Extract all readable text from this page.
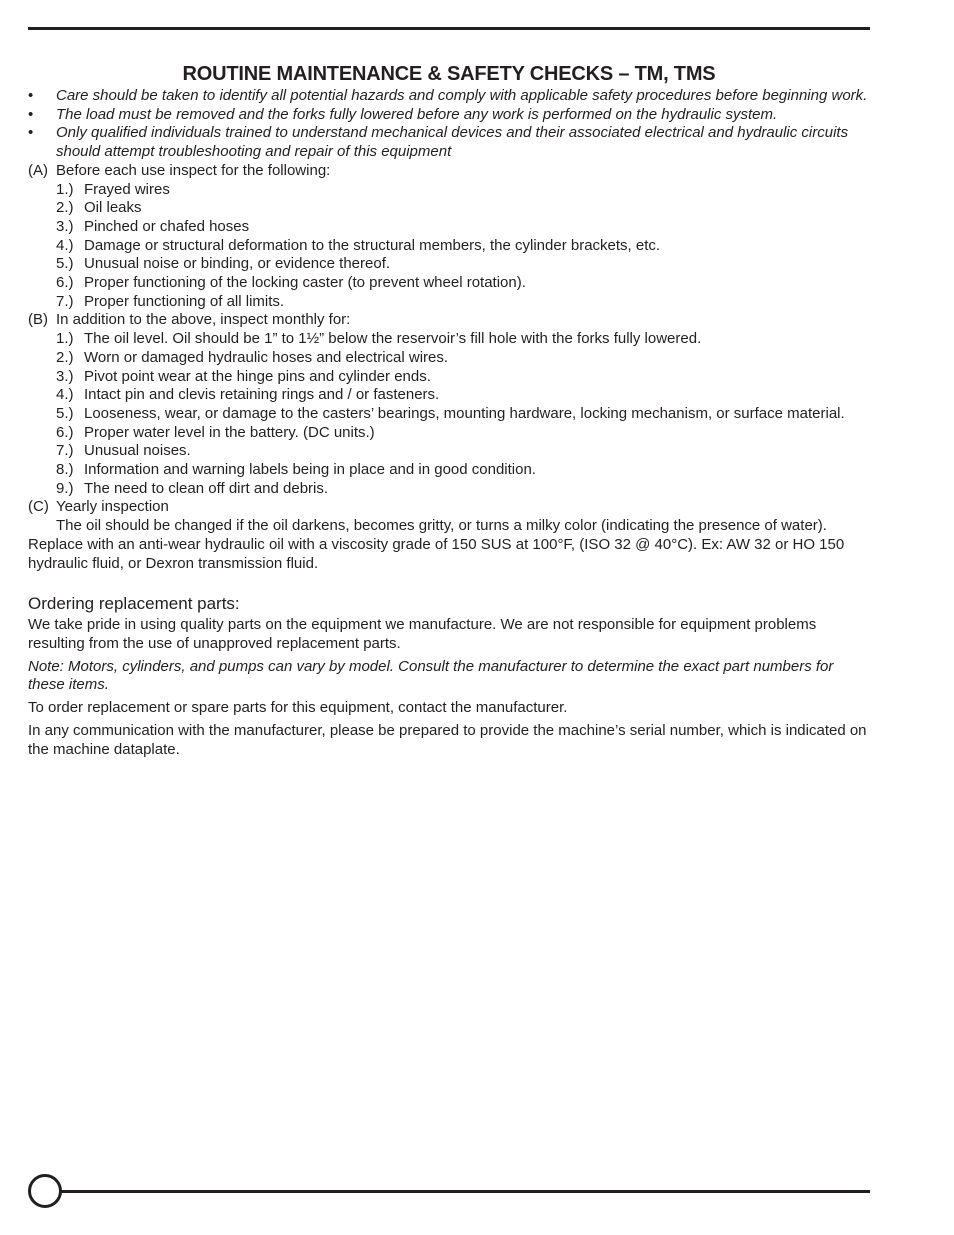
ROUTINE MAINTENANCE & SAFETY CHECKS – TM, TMS
• Care should be taken to identify all potential hazards and comply with applicable safety procedures before beginning work.
• The load must be removed and the forks fully lowered before any work is performed on the hydraulic system.
• Only qualified individuals trained to understand mechanical devices and their associated electrical and hydraulic circuits should attempt troubleshooting and repair of this equipment
(A) Before each use inspect for the following:
1.) Frayed wires
2.) Oil leaks
3.) Pinched or chafed hoses
4.) Damage or structural deformation to the structural members, the cylinder brackets, etc.
5.) Unusual noise or binding, or evidence thereof.
6.) Proper functioning of the locking caster (to prevent wheel rotation).
7.) Proper functioning of all limits.
(B) In addition to the above, inspect monthly for:
1.) The oil level. Oil should be 1” to 1½” below the reservoir’s fill hole with the forks fully lowered.
2.) Worn or damaged hydraulic hoses and electrical wires.
3.) Pivot point wear at the hinge pins and cylinder ends.
4.) Intact pin and clevis retaining rings and / or fasteners.
5.) Looseness, wear, or damage to the casters’ bearings, mounting hardware, locking mechanism, or surface material.
6.) Proper water level in the battery. (DC units.)
7.) Unusual noises.
8.) Information and warning labels being in place and in good condition.
9.) The need to clean off dirt and debris.
(C) Yearly inspection

The oil should be changed if the oil darkens, becomes gritty, or turns a milky color (indicating the presence of water). Replace with an anti-wear hydraulic oil with a viscosity grade of 150 SUS at 100°F, (ISO 32 @ 40°C). Ex: AW 32 or HO 150 hydraulic fluid, or Dexron transmission fluid.

Ordering replacement parts:

We take pride in using quality parts on the equipment we manufacture. We are not responsible for equipment problems resulting from the use of unapproved replacement parts.

Note: Motors, cylinders, and pumps can vary by model. Consult the manufacturer to determine the exact part numbers for these items.

To order replacement or spare parts for this equipment, contact the manufacturer.

In any communication with the manufacturer, please be prepared to provide the machine’s serial number, which is indicated on the machine dataplate.
